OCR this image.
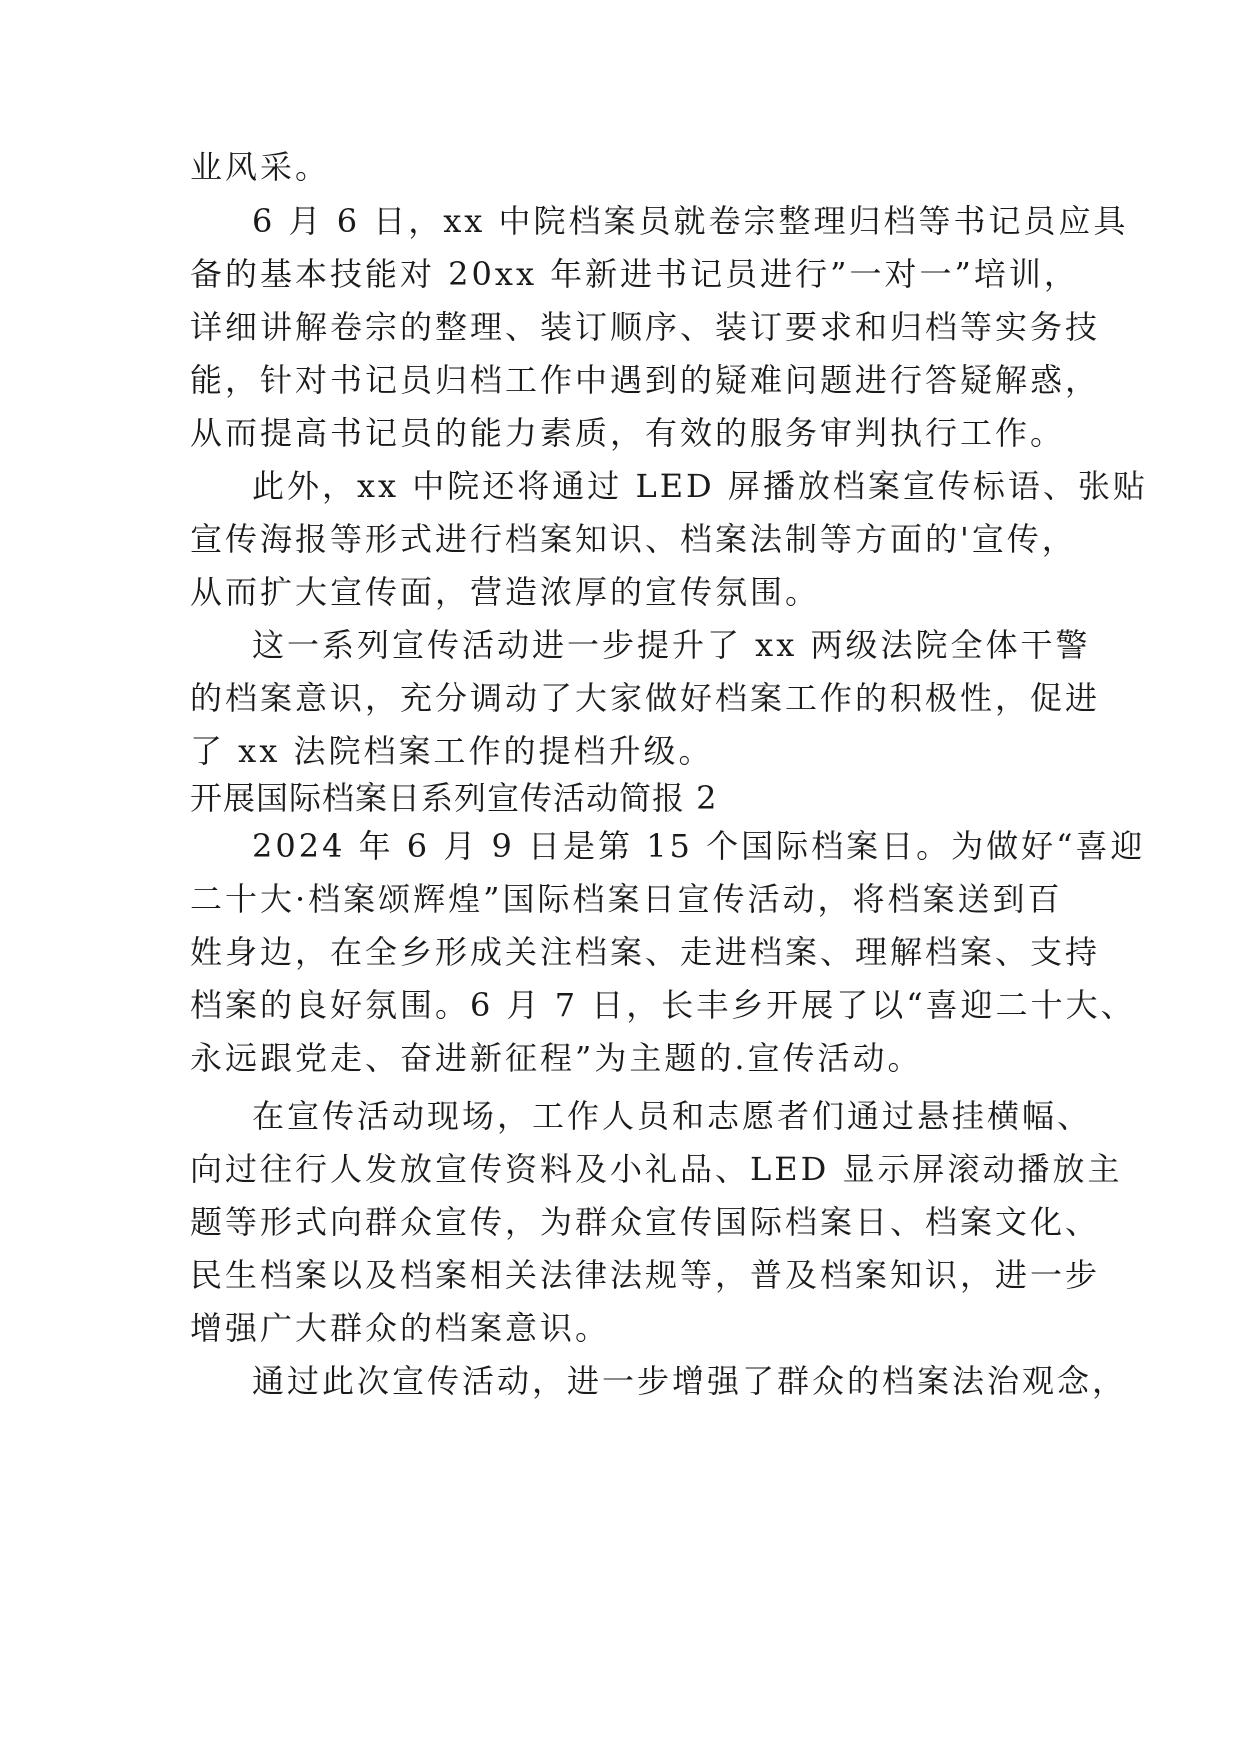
业风采。
6 月 6 日，xx 中院档案员就卷宗整理归档等书记员应具
备的基本技能对 20xx 年新进书记员进行”一对一”培训，
详细讲解卷宗的整理、装订顺序、装订要求和归档等实务技
能，针对书记员归档工作中遇到的疑难问题进行答疑解惑，
从而提高书记员的能力素质，有效的服务审判执行工作。
此外，xx 中院还将通过 LED 屏播放档案宣传标语、张贴
宣传海报等形式进行档案知识、档案法制等方面的'宣传，
从而扩大宣传面，营造浓厚的宣传氛围。
这一系列宣传活动进一步提升了 xx 两级法院全体干警
的档案意识，充分调动了大家做好档案工作的积极性，促进
了 xx 法院档案工作的提档升级。
开展国际档案日系列宣传活动简报 2
2024 年 6 月 9 日是第 15 个国际档案日。为做好“喜迎
二十大·档案颂辉煌”国际档案日宣传活动，将档案送到百
姓身边，在全乡形成关注档案、走进档案、理解档案、支持
档案的良好氛围。6 月 7 日，长丰乡开展了以“喜迎二十大、
永远跟党走、奋进新征程”为主题的.宣传活动。
在宣传活动现场，工作人员和志愿者们通过悬挂横幅、
向过往行人发放宣传资料及小礼品、LED 显示屏滚动播放主
题等形式向群众宣传，为群众宣传国际档案日、档案文化、
民生档案以及档案相关法律法规等，普及档案知识，进一步
增强广大群众的档案意识。
通过此次宣传活动，进一步增强了群众的档案法治观念，
